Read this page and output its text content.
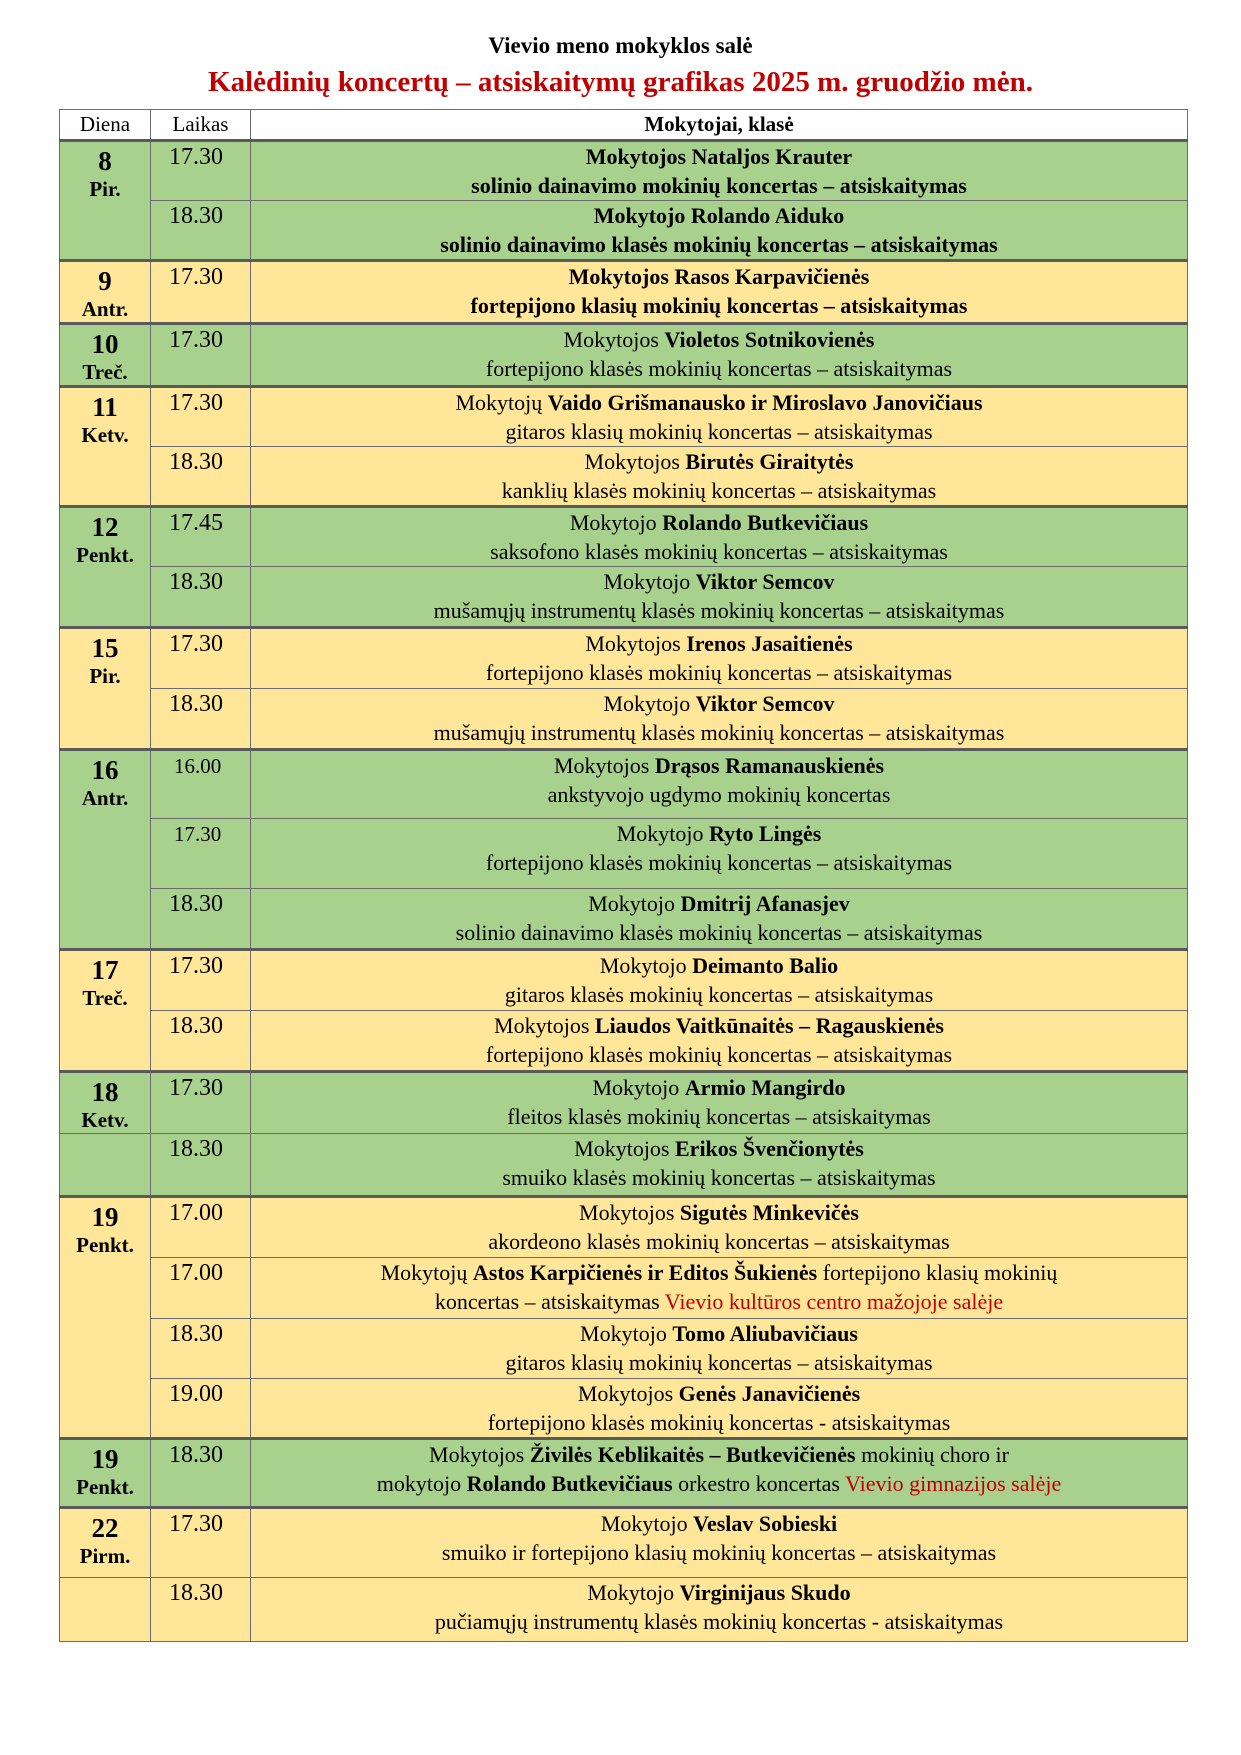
Vievio meno mokyklos salė
Kalėdinių koncertų – atsiskaitymų grafikas 2025 m. gruodžio mėn.
Diena	Laikas	Mokytojai, klasė

8
Pir.	17.30	Mokytojos Nataljos Krauter
solinio dainavimo mokinių koncertas – atsiskaitymas

	18.30	Mokytojo Rolando Aiduko
solinio dainavimo klasės mokinių koncertas – atsiskaitymas

9
Antr.	17.30	Mokytojos Rasos Karpavičienės
fortepijono klasių mokinių koncertas – atsiskaitymas

10
Treč.	17.30	Mokytojos Violetos Sotnikovienės
fortepijono klasės mokinių koncertas – atsiskaitymas

11
Ketv.	17.30	Mokytojų Vaido Grišmanausko ir Miroslavo Janovičiaus
gitaros klasių mokinių koncertas – atsiskaitymas

	18.30	Mokytojos Birutės Giraitytės
kanklių klasės mokinių koncertas – atsiskaitymas

12
Penkt.	17.45	Mokytojo Rolando Butkevičiaus
saksofono klasės mokinių koncertas – atsiskaitymas

	18.30	Mokytojo Viktor Semcov
mušamųjų instrumentų klasės mokinių koncertas – atsiskaitymas

15
Pir.	17.30	Mokytojos Irenos Jasaitienės
fortepijono klasės mokinių koncertas – atsiskaitymas

	18.30	Mokytojo Viktor Semcov
mušamųjų instrumentų klasės mokinių koncertas – atsiskaitymas

16
Antr.	16.00	Mokytojos Drąsos Ramanauskienės
ankstyvojo ugdymo mokinių koncertas

	17.30	Mokytojo Ryto Lingės
fortepijono klasės mokinių koncertas – atsiskaitymas

	18.30	Mokytojo Dmitrij Afanasjev
solinio dainavimo klasės mokinių koncertas – atsiskaitymas

17
Treč.	17.30	Mokytojo Deimanto Balio
gitaros klasės mokinių koncertas – atsiskaitymas

	18.30	Mokytojos Liaudos Vaitkūnaitės – Ragauskienės
fortepijono klasės mokinių koncertas – atsiskaitymas

18
Ketv.	17.30	Mokytojo Armio Mangirdo
fleitos klasės mokinių koncertas – atsiskaitymas

	18.30	Mokytojos Erikos Švenčionytės
smuiko klasės mokinių koncertas – atsiskaitymas

19
Penkt.	17.00	Mokytojos Sigutės Minkevičės
akordeono klasės mokinių koncertas – atsiskaitymas

	17.00	Mokytojų Astos Karpičienės ir Editos Šukienės fortepijono klasių mokinių
koncertas – atsiskaitymas Vievio kultūros centro mažojoje salėje

	18.30	Mokytojo Tomo Aliubavičiaus
gitaros klasių mokinių koncertas – atsiskaitymas

	19.00	Mokytojos Genės Janavičienės
fortepijono klasės mokinių koncertas - atsiskaitymas

19
Penkt.	18.30	Mokytojos Živilės Keblikaitės – Butkevičienės mokinių choro ir
mokytojo Rolando Butkevičiaus orkestro koncertas Vievio gimnazijos salėje

22
Pirm.	17.30	Mokytojo Veslav Sobieski
smuiko ir fortepijono klasių mokinių koncertas – atsiskaitymas

	18.30	Mokytojo Virginijaus Skudo
pučiamųjų instrumentų klasės mokinių koncertas - atsiskaitymas
